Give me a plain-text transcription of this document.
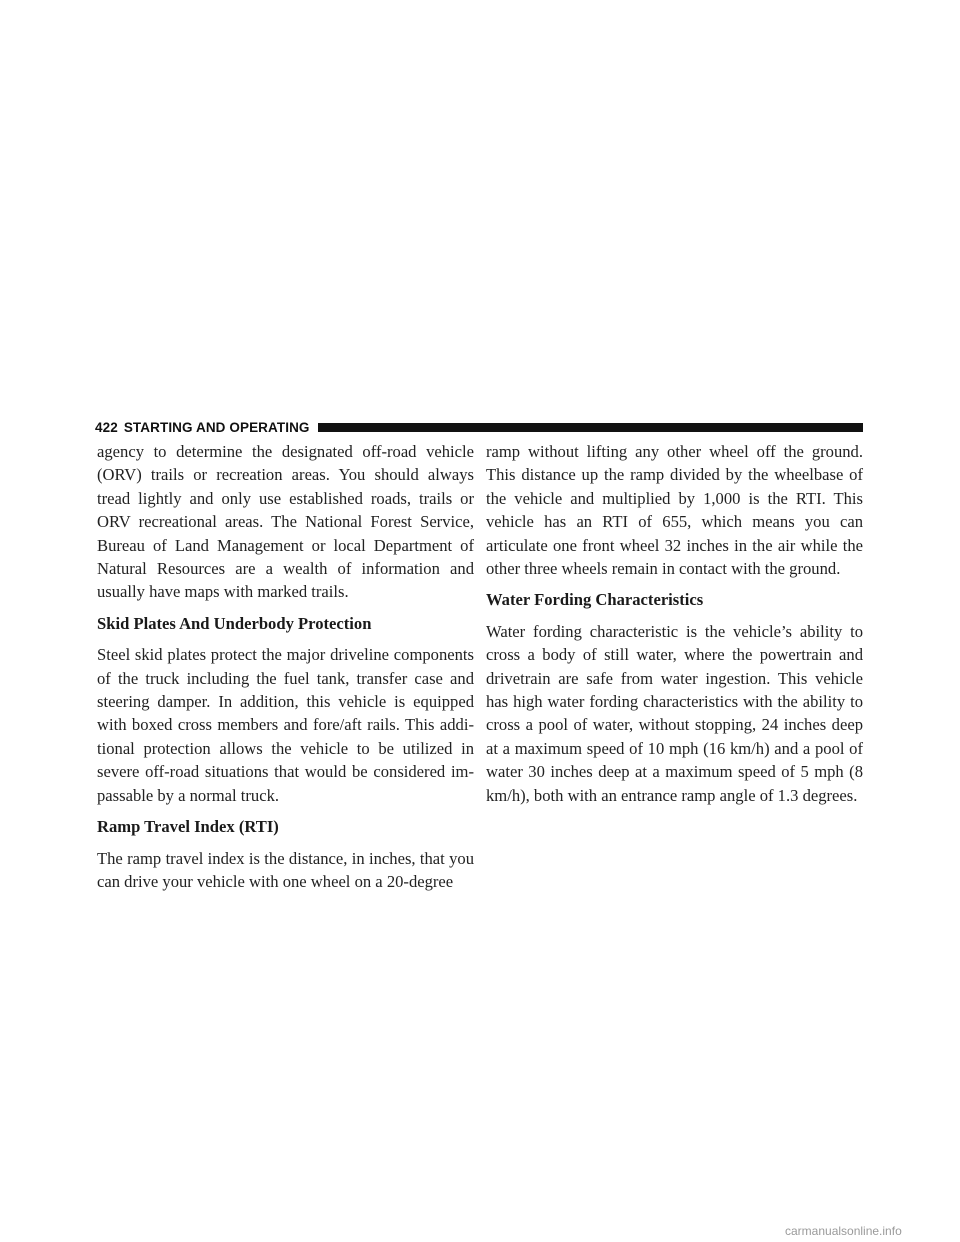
422 STARTING AND OPERATING

agency to determine the designated off-road vehicle (ORV) trails or recreation areas. You should always tread lightly and only use established roads, trails or ORV recreational areas. The National Forest Service, Bureau of Land Management or local Department of Natural Resources are a wealth of information and usually have maps with marked trails.

Skid Plates And Underbody Protection

Steel skid plates protect the major driveline components of the truck including the fuel tank, transfer case and steering damper. In addition, this vehicle is equipped with boxed cross members and fore/aft rails. This additional protection allows the vehicle to be utilized in severe off-road situations that would be considered impassable by a normal truck.

Ramp Travel Index (RTI)

The ramp travel index is the distance, in inches, that you can drive your vehicle with one wheel on a 20-degree

ramp without lifting any other wheel off the ground. This distance up the ramp divided by the wheelbase of the vehicle and multiplied by 1,000 is the RTI. This vehicle has an RTI of 655, which means you can articulate one front wheel 32 inches in the air while the other three wheels remain in contact with the ground.

Water Fording Characteristics

Water fording characteristic is the vehicle’s ability to cross a body of still water, where the powertrain and drivetrain are safe from water ingestion. This vehicle has high water fording characteristics with the ability to cross a pool of water, without stopping, 24 inches deep at a maximum speed of 10 mph (16 km/h) and a pool of water 30 inches deep at a maximum speed of 5 mph (8 km/h), both with an entrance ramp angle of 1.3 degrees.

carmanualsonline.info
